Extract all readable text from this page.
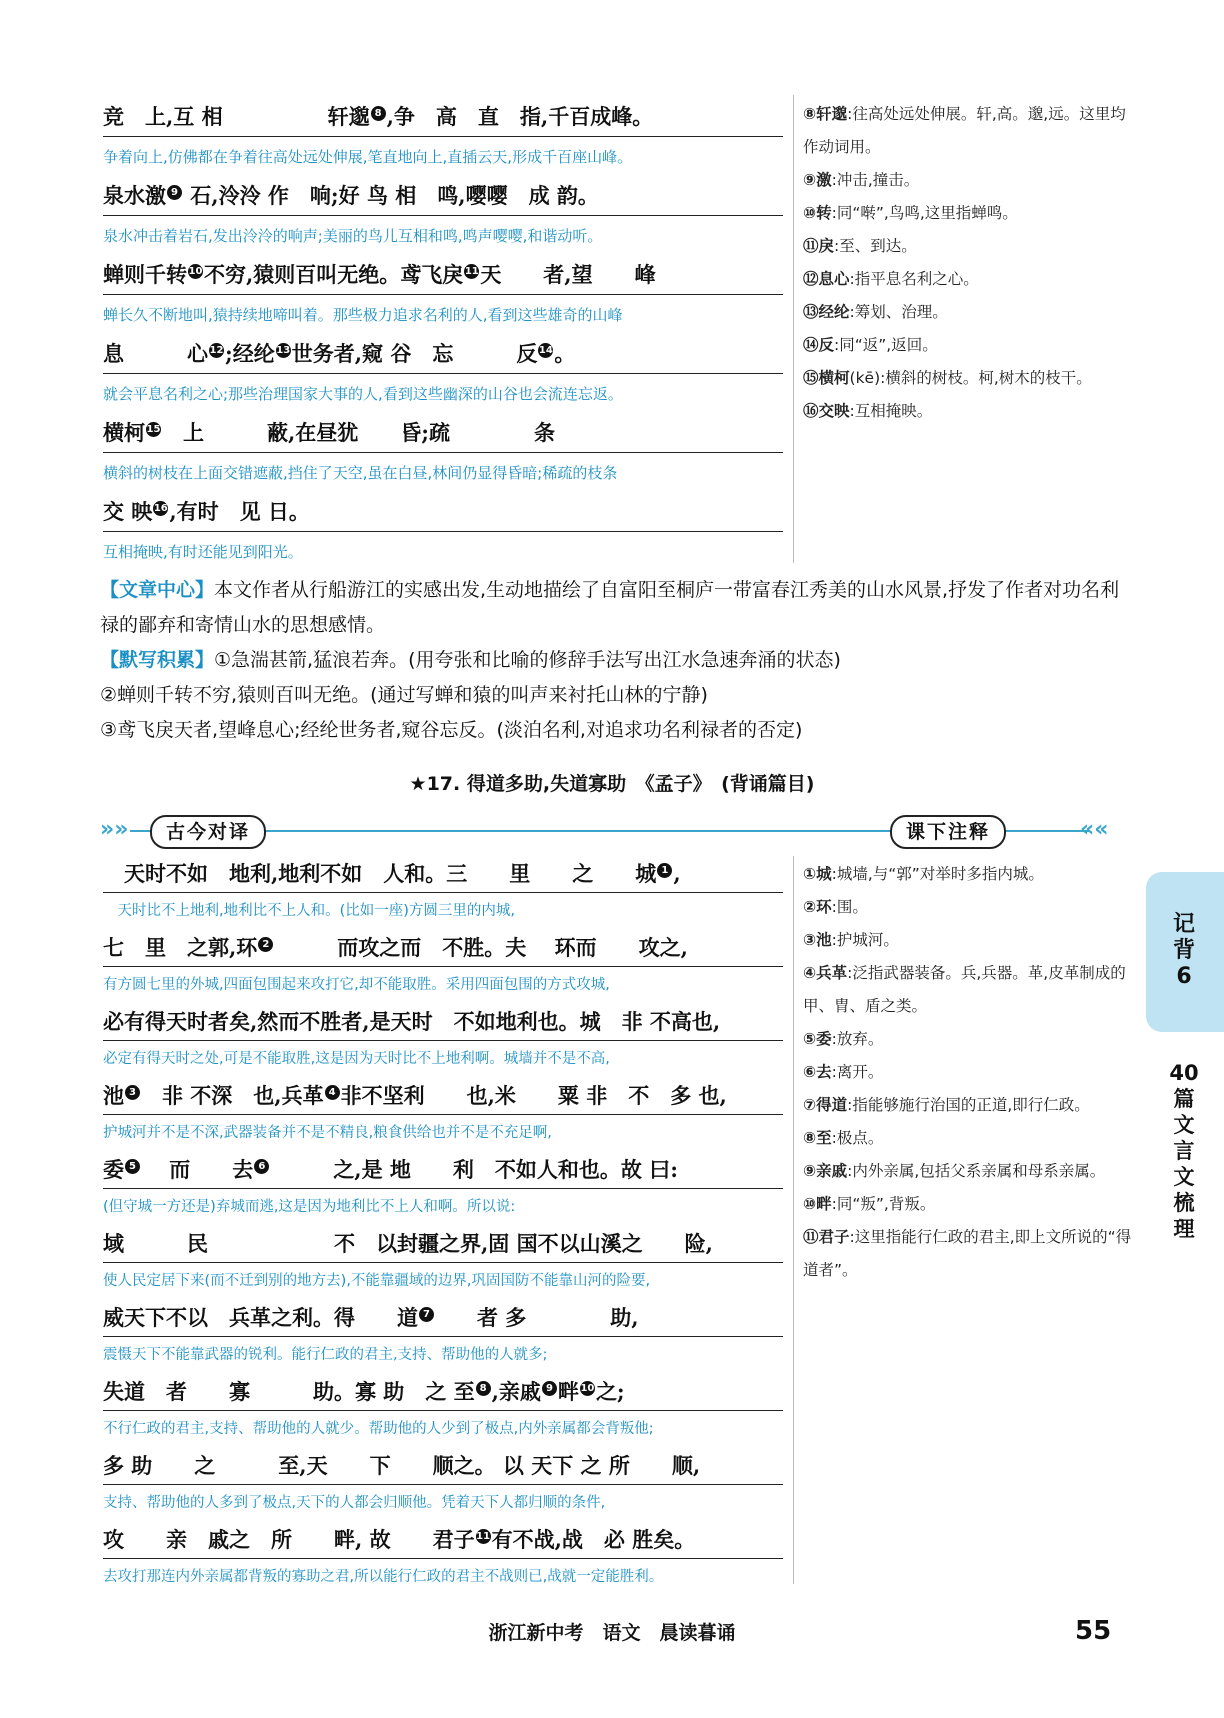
竞　上,互 相　　　　　轩邈 $^8$ ,争　高　直　指,千百成峰。
争着向上,仿佛都在争着往高处远处伸展,笔直地向上,直插云天,形成千百座山峰。
泉水激 $^9$ 石,泠泠 作　响;好 鸟 相　鸣,嘤嘤　成 韵。
泉水冲击着岩石,发出泠泠的响声;美丽的鸟儿互相和鸣,鸣声嘤嘤,和谐动听。
蝉则千转 $^{10}$不穷,猿则百叫无绝。鸢飞戾 $^{11}$天　　者,望　　峰
蝉长久不断地叫,猿持续地啼叫着。那些极力追求名利的人,看到这些雄奇的山峰
息　　　心 $^{12}$;经纶 $^{13}$世务者,窥 谷　忘　　　反 $^{14}$。
就会平息名利之心;那些治理国家大事的人,看到这些幽深的山谷也会流连忘返。
横柯 $^{15}$　上　　　蔽,在昼犹　　昏;疏　　　　条
横斜的树枝在上面交错遮蔽,挡住了天空,虽在白昼,林间仍显得昏暗;稀疏的枝条
交 映 $^{16}$,有时　见 日。
互相掩映,有时还能见到阳光。
⑧轩邈:往高处远处伸展。轩,高。邈,远。这里均作动词用。
⑨激:冲击,撞击。
⑩转:同“啭”,鸟鸣,这里指蝉鸣。
⑪戾:至、到达。
⑫息心:指平息名利之心。
⑬经纶:筹划、治理。
⑭反:同“返”,返回。
⑮横柯(kē):横斜的树枝。柯,树木的枝干。
⑯交映:互相掩映。
【文章中心】本文作者从行船游江的实感出发,生动地描绘了自富阳至桐庐一带富春江秀美的山水风景,抒发了作者对功名利禄的鄙弃和寄情山水的思想感情。
【默写积累】①急湍甚箭,猛浪若奔。(用夸张和比喻的修辞手法写出江水急速奔涌的状态)
②蝉则千转不穷,猿则百叫无绝。(通过写蝉和猿的叫声来衬托山林的宁静)
③鸢飞戾天者,望峰息心;经纶世务者,窥谷忘反。(淡泊名利,对追求功名利禄者的否定)
★17. 得道多助,失道寡助　《孟子》　(背诵篇目)
»»	古今对译	课下注释	««
　天时不如　地利,地利不如　人和。三　　里　　之　　城 $^1$ ,
　天时比不上地利,地利比不上人和。(比如一座)方圆三里的内城,
七　里　之郭,环 $^2$　　　而攻之而　不胜。夫　 环而　　攻之,
有方圆七里的外城,四面包围起来攻打它,却不能取胜。采用四面包围的方式攻城,
必有得天时者矣,然而不胜者,是天时　不如地利也。城　非 不高也,
必定有得天时之处,可是不能取胜,这是因为天时比不上地利啊。城墙并不是不高,
池 $^3$　非 不深　也,兵革 $^4$ 非不坚利　　也,米　　粟 非　不　多 也,
护城河并不是不深,武器装备并不是不精良,粮食供给也并不是不充足啊,
委 $^5$　 而　　去 $^6$　　　之,是 地　　利　不如人和也。故 曰:
(但守城一方还是)弃城而逃,这是因为地利比不上人和啊。所以说:
域　　　民　　　　　　不　以封疆之界,固 国不以山溪之　　险,
使人民定居下来(而不迁到别的地方去),不能靠疆域的边界,巩固国防不能靠山河的险要,
威天下不以　兵革之利。得　　道 $^7$　　者 多　　　　助,
震慑天下不能靠武器的锐利。能行仁政的君主,支持、帮助他的人就多;
失道　者　　寡　　　助。寡 助　之 至 $^8$ ,亲戚 $^9$ 畔 $^{10}$之;
不行仁政的君主,支持、帮助他的人就少。帮助他的人少到了极点,内外亲属都会背叛他;
多 助　　之　　　至,天　　下　　顺之。 以 天下 之 所　　顺,
支持、帮助他的人多到了极点,天下的人都会归顺他。凭着天下人都归顺的条件,
攻　　亲　戚之　所　　畔, 故　　君子 $^{11}$有不战,战　必 胜矣。
去攻打那连内外亲属都背叛的寡助之君,所以能行仁政的君主不战则已,战就一定能胜利。
①城:城墙,与“郭”对举时多指内城。
②环:围。
③池:护城河。
④兵革:泛指武器装备。兵,兵器。革,皮革制成的甲、胄、盾之类。
⑤委:放弃。
⑥去:离开。
⑦得道:指能够施行治国的正道,即行仁政。
⑧至:极点。
⑨亲戚:内外亲属,包括父系亲属和母系亲属。
⑩畔:同“叛”,背叛。
⑪君子:这里指能行仁政的君主,即上文所说的“得道者”。
记
背
6
40
篇
文
言
文
梳
理
浙江新中考　语文　晨读暮诵	55
